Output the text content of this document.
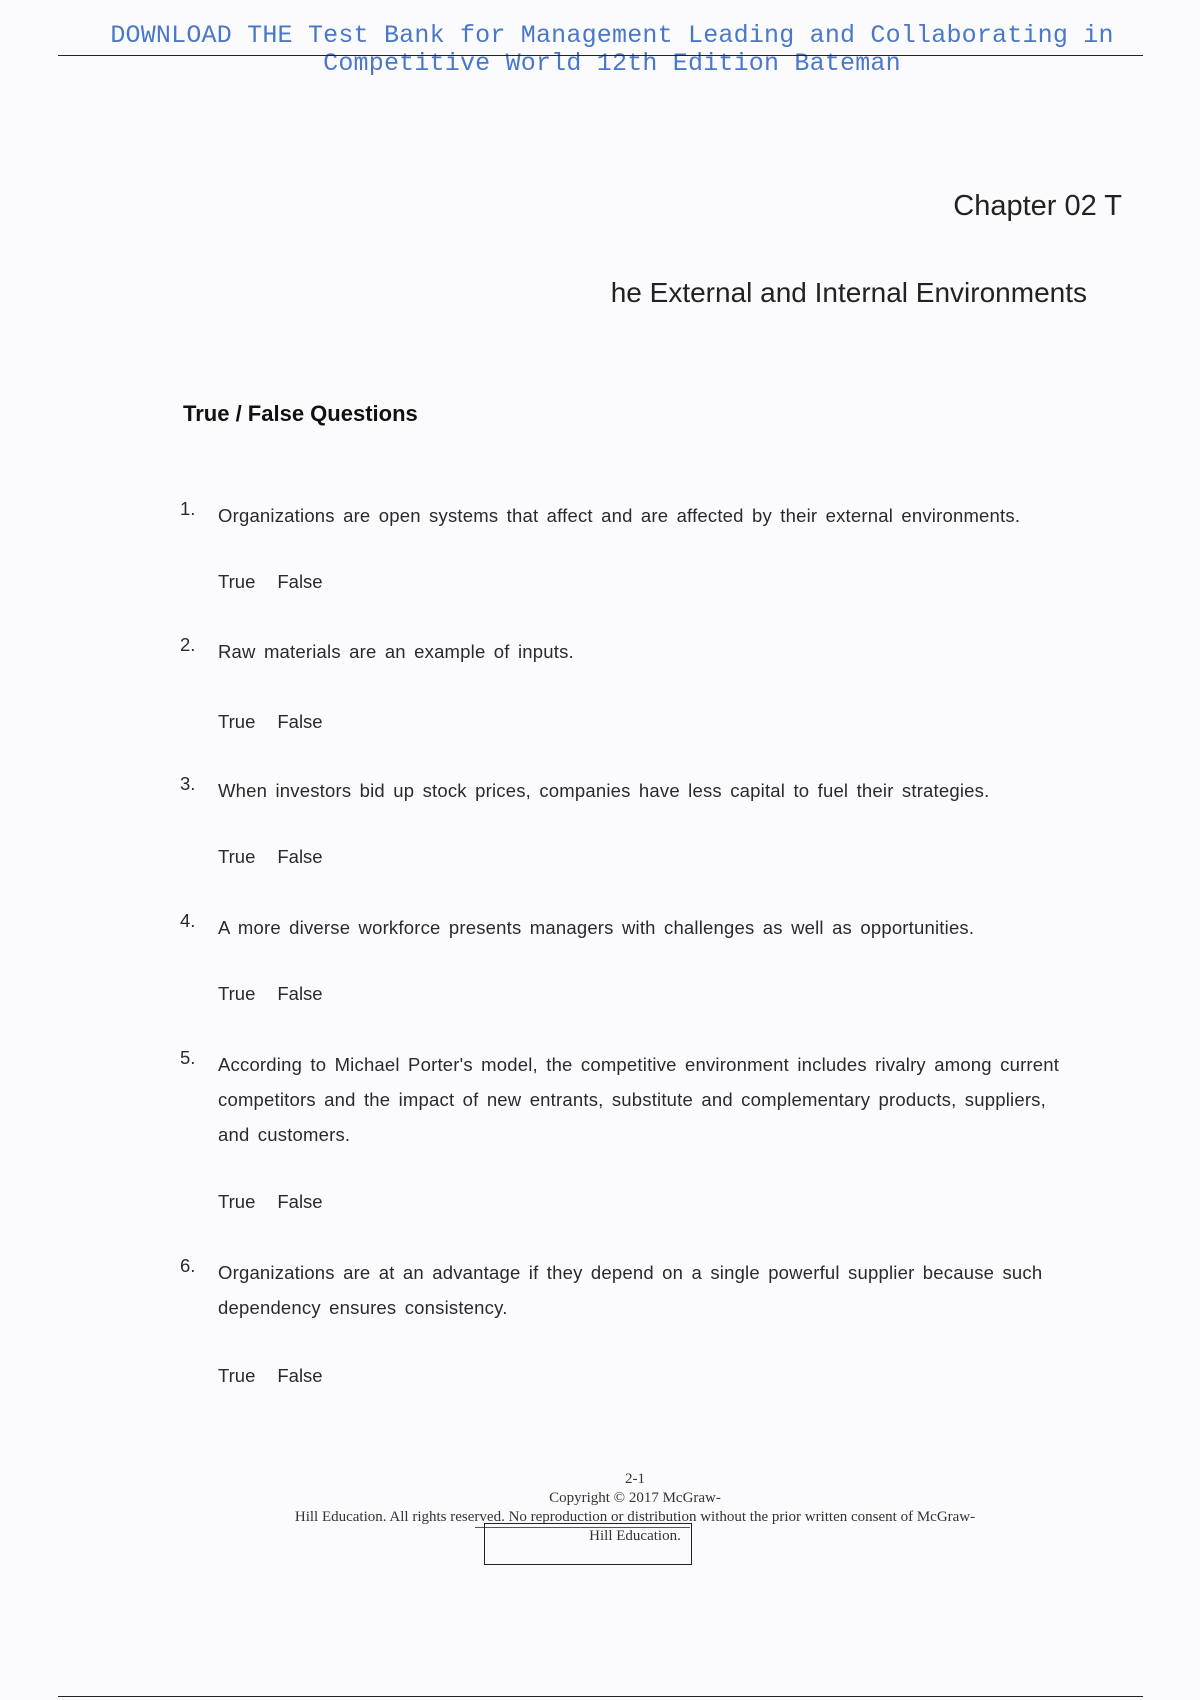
DOWNLOAD THE Test Bank for Management Leading and Collaborating in Competitive World 12th Edition Bateman
Chapter 02 T
he External and Internal Environments
True / False Questions
1. Organizations are open systems that affect and are affected by their external environments.
True False
2. Raw materials are an example of inputs.
True False
3. When investors bid up stock prices, companies have less capital to fuel their strategies.
True False
4. A more diverse workforce presents managers with challenges as well as opportunities.
True False
5. According to Michael Porter's model, the competitive environment includes rivalry among current competitors and the impact of new entrants, substitute and complementary products, suppliers, and customers.
True False
6. Organizations are at an advantage if they depend on a single powerful supplier because such dependency ensures consistency.
True False
2-1
Copyright © 2017 McGraw-
Hill Education. All rights reserved. No reproduction or distribution without the prior written consent of McGraw-
Hill Education.
